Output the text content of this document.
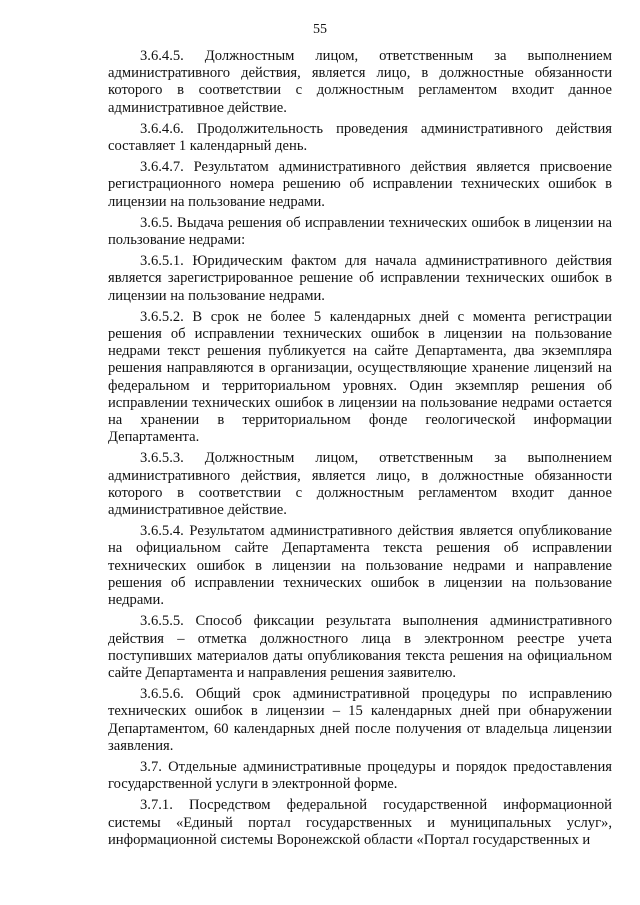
55

3.6.4.5. Должностным лицом, ответственным за выполнением административного действия, является лицо, в должностные обязанности которого в соответствии с должностным регламентом входит данное административное действие.

3.6.4.6. Продолжительность проведения административного действия составляет 1 календарный день.

3.6.4.7. Результатом административного действия является присвоение регистрационного номера решению об исправлении технических ошибок в лицензии на пользование недрами.

3.6.5. Выдача решения об исправлении технических ошибок в лицензии на пользование недрами:

3.6.5.1. Юридическим фактом для начала административного действия является зарегистрированное решение об исправлении технических ошибок в лицензии на пользование недрами.

3.6.5.2. В срок не более 5 календарных дней с момента регистрации решения об исправлении технических ошибок в лицензии на пользование недрами текст решения публикуется на сайте Департамента, два экземпляра решения направляются в организации, осуществляющие хранение лицензий на федеральном и территориальном уровнях. Один экземпляр решения об исправлении технических ошибок в лицензии на пользование недрами остается на хранении в территориальном фонде геологической информации Департамента.

3.6.5.3. Должностным лицом, ответственным за выполнением административного действия, является лицо, в должностные обязанности которого в соответствии с должностным регламентом входит данное административное действие.

3.6.5.4. Результатом административного действия является опубликование на официальном сайте Департамента текста решения об исправлении технических ошибок в лицензии на пользование недрами и направление решения об исправлении технических ошибок в лицензии на пользование недрами.

3.6.5.5. Способ фиксации результата выполнения административного действия – отметка должностного лица в электронном реестре учета поступивших материалов даты опубликования текста решения на официальном сайте Департамента и направления решения заявителю.

3.6.5.6. Общий срок административной процедуры по исправлению технических ошибок в лицензии – 15 календарных дней при обнаружении Департаментом, 60 календарных дней после получения от владельца лицензии заявления.

3.7. Отдельные административные процедуры и порядок предоставления государственной услуги в электронной форме.

3.7.1. Посредством федеральной государственной информационной системы «Единый портал государственных и муниципальных услуг», информационной системы Воронежской области «Портал государственных и
